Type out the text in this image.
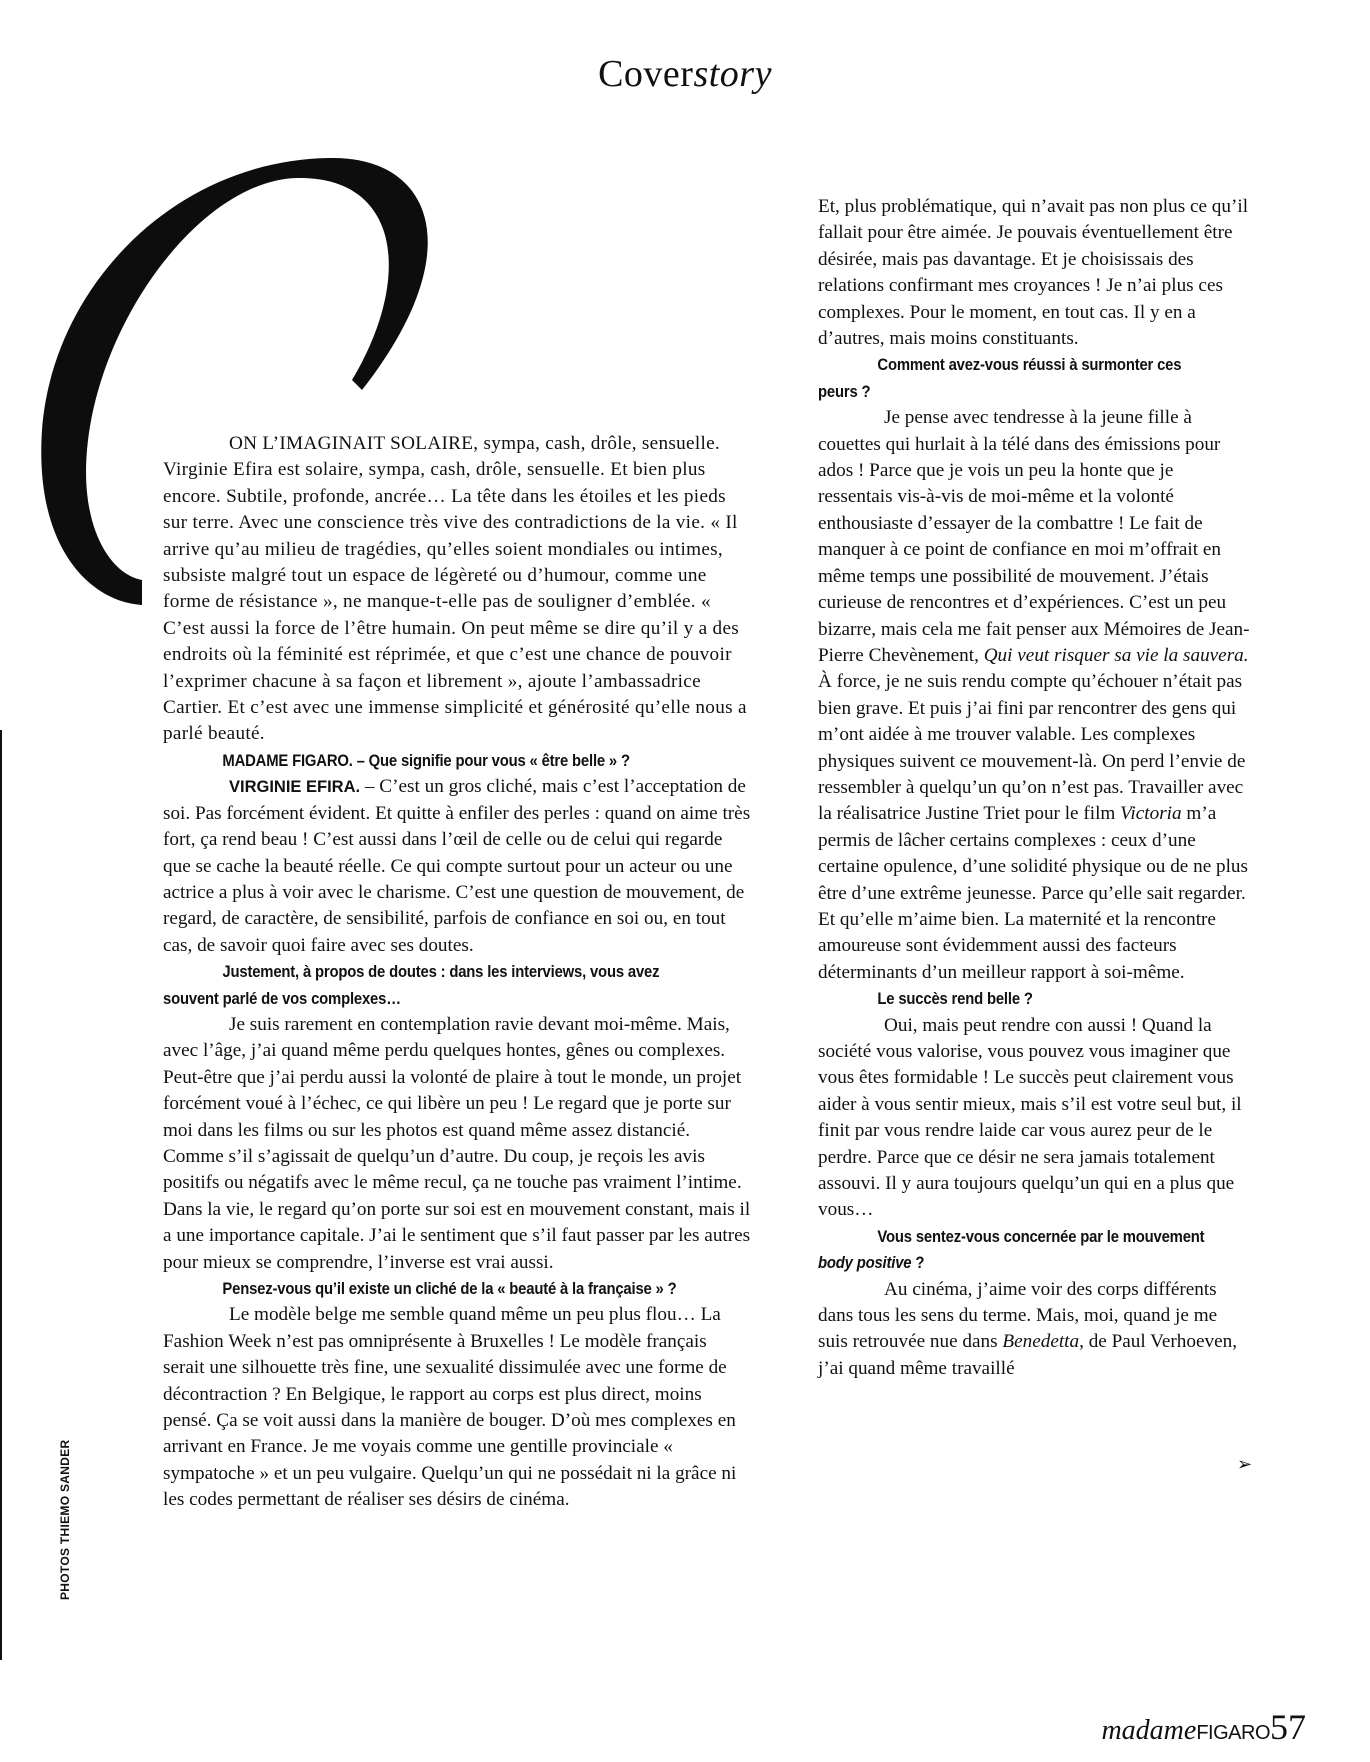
Coverstory
PHOTOS THIEMO SANDER

ON L’IMAGINAIT SOLAIRE, sympa, cash, drôle, sensuelle. Virginie Efira est solaire, sympa, cash, drôle, sensuelle. Et bien plus encore. Subtile, profonde, ancrée… La tête dans les étoiles et les pieds sur terre. Avec une conscience très vive des contradictions de la vie. « Il arrive qu’au milieu de tragédies, qu’elles soient mondiales ou intimes, subsiste malgré tout un espace de légèreté ou d’humour, comme une forme de résistance », ne manque-t-elle pas de souligner d’emblée. « C’est aussi la force de l’être humain. On peut même se dire qu’il y a des endroits où la féminité est réprimée, et que c’est une chance de pouvoir l’exprimer chacune à sa façon et librement », ajoute l’ambassadrice Cartier. Et c’est avec une immense simplicité et générosité qu’elle nous a parlé beauté.

MADAME FIGARO. – Que signifie pour vous « être belle » ?

VIRGINIE EFIRA. – C’est un gros cliché, mais c’est l’acceptation de soi. Pas forcément évident. Et quitte à enfiler des perles : quand on aime très fort, ça rend beau ! C’est aussi dans l’œil de celle ou de celui qui regarde que se cache la beauté réelle. Ce qui compte surtout pour un acteur ou une actrice a plus à voir avec le charisme. C’est une question de mouvement, de regard, de caractère, de sensibilité, parfois de confiance en soi ou, en tout cas, de savoir quoi faire avec ses doutes.

Justement, à propos de doutes : dans les interviews, vous avez souvent parlé de vos complexes…

Je suis rarement en contemplation ravie devant moi-même. Mais, avec l’âge, j’ai quand même perdu quelques hontes, gênes ou complexes. Peut-être que j’ai perdu aussi la volonté de plaire à tout le monde, un projet forcément voué à l’échec, ce qui libère un peu ! Le regard que je porte sur moi dans les films ou sur les photos est quand même assez distancié. Comme s’il s’agissait de quelqu’un d’autre. Du coup, je reçois les avis positifs ou négatifs avec le même recul, ça ne touche pas vraiment l’intime. Dans la vie, le regard qu’on porte sur soi est en mouvement constant, mais il a une importance capitale. J’ai le sentiment que s’il faut passer par les autres pour mieux se comprendre, l’inverse est vrai aussi.

Pensez-vous qu’il existe un cliché de la « beauté à la française » ?

Le modèle belge me semble quand même un peu plus flou… La Fashion Week n’est pas omniprésente à Bruxelles ! Le modèle français serait une silhouette très fine, une sexualité dissimulée avec une forme de décontraction ? En Belgique, le rapport au corps est plus direct, moins pensé. Ça se voit aussi dans la manière de bouger. D’où mes complexes en arrivant en France. Je me voyais comme une gentille provinciale « sympatoche » et un peu vulgaire. Quelqu’un qui ne possédait ni la grâce ni les codes permettant de réaliser ses désirs de cinéma.

Et, plus problématique, qui n’avait pas non plus ce qu’il fallait pour être aimée. Je pouvais éventuellement être désirée, mais pas davantage. Et je choisissais des relations confirmant mes croyances ! Je n’ai plus ces complexes. Pour le moment, en tout cas. Il y en a d’autres, mais moins constituants.

Comment avez-vous réussi à surmonter ces peurs ?

Je pense avec tendresse à la jeune fille à couettes qui hurlait à la télé dans des émissions pour ados ! Parce que je vois un peu la honte que je ressentais vis-à-vis de moi-même et la volonté enthousiaste d’essayer de la combattre ! Le fait de manquer à ce point de confiance en moi m’offrait en même temps une possibilité de mouvement. J’étais curieuse de rencontres et d’expériences. C’est un peu bizarre, mais cela me fait penser aux Mémoires de Jean-Pierre Chevènement, Qui veut risquer sa vie la sauvera. À force, je ne suis rendu compte qu’échouer n’était pas bien grave. Et puis j’ai fini par rencontrer des gens qui m’ont aidée à me trouver valable. Les complexes physiques suivent ce mouvement-là. On perd l’envie de ressembler à quelqu’un qu’on n’est pas. Travailler avec la réalisatrice Justine Triet pour le film Victoria m’a permis de lâcher certains complexes : ceux d’une certaine opulence, d’une solidité physique ou de ne plus être d’une extrême jeunesse. Parce qu’elle sait regarder. Et qu’elle m’aime bien. La maternité et la rencontre amoureuse sont évidemment aussi des facteurs déterminants d’un meilleur rapport à soi-même.

Le succès rend belle ?

Oui, mais peut rendre con aussi ! Quand la société vous valorise, vous pouvez vous imaginer que vous êtes formidable ! Le succès peut clairement vous aider à vous sentir mieux, mais s’il est votre seul but, il finit par vous rendre laide car vous aurez peur de le perdre. Parce que ce désir ne sera jamais totalement assouvi. Il y aura toujours quelqu’un qui en a plus que vous…

Vous sentez-vous concernée par le mouvement body positive ?

Au cinéma, j’aime voir des corps différents dans tous les sens du terme. Mais, moi, quand je me suis retrouvée nue dans Benedetta, de Paul Verhoeven, j’ai quand même travaillé

➢
madame FIGARO 57
